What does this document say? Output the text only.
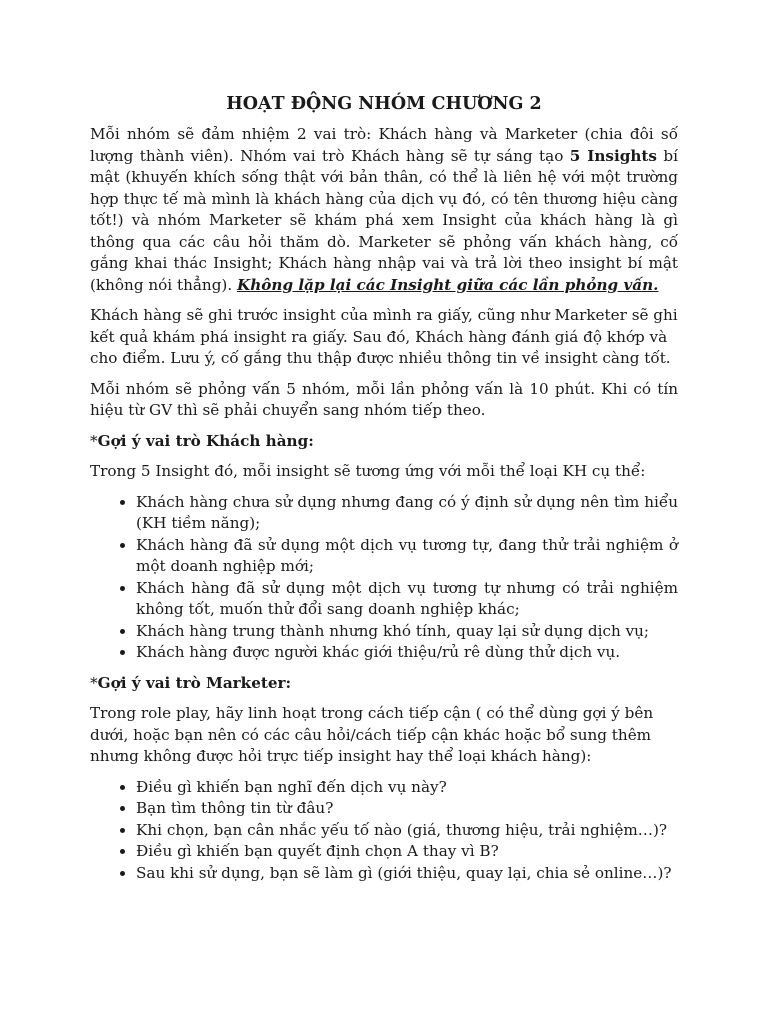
HOẠT ĐỘNG NHÓM CHƯƠNG 2

Mỗi nhóm sẽ đảm nhiệm 2 vai trò: Khách hàng và Marketer (chia đôi số lượng thành viên). Nhóm vai trò Khách hàng sẽ tự sáng tạo 5 Insights bí mật (khuyến khích sống thật với bản thân, có thể là liên hệ với một trường hợp thực tế mà mình là khách hàng của dịch vụ đó, có tên thương hiệu càng tốt!) và nhóm Marketer sẽ khám phá xem Insight của khách hàng là gì thông qua các câu hỏi thăm dò. Marketer sẽ phỏng vấn khách hàng, cố gắng khai thác Insight; Khách hàng nhập vai và trả lời theo insight bí mật (không nói thẳng). Không lặp lại các Insight giữa các lần phỏng vấn.

Khách hàng sẽ ghi trước insight của mình ra giấy, cũng như Marketer sẽ ghi kết quả khám phá insight ra giấy. Sau đó, Khách hàng đánh giá độ khớp và cho điểm. Lưu ý, cố gắng thu thập được nhiều thông tin về insight càng tốt.

Mỗi nhóm sẽ phỏng vấn 5 nhóm, mỗi lần phỏng vấn là 10 phút. Khi có tín hiệu từ GV thì sẽ phải chuyển sang nhóm tiếp theo.

*Gợi ý vai trò Khách hàng:

Trong 5 Insight đó, mỗi insight sẽ tương ứng với mỗi thể loại KH cụ thể:

• Khách hàng chưa sử dụng nhưng đang có ý định sử dụng nên tìm hiểu (KH tiềm năng);
• Khách hàng đã sử dụng một dịch vụ tương tự, đang thử trải nghiệm ở một doanh nghiệp mới;
• Khách hàng đã sử dụng một dịch vụ tương tự nhưng có trải nghiệm không tốt, muốn thử đổi sang doanh nghiệp khác;
• Khách hàng trung thành nhưng khó tính, quay lại sử dụng dịch vụ;
• Khách hàng được người khác giới thiệu/rủ rê dùng thử dịch vụ.

*Gợi ý vai trò Marketer:

Trong role play, hãy linh hoạt trong cách tiếp cận ( có thể dùng gợi ý bên dưới, hoặc bạn nên có các câu hỏi/cách tiếp cận khác hoặc bổ sung thêm nhưng không được hỏi trực tiếp insight hay thể loại khách hàng):

• Điều gì khiến bạn nghĩ đến dịch vụ này?
• Bạn tìm thông tin từ đâu?
• Khi chọn, bạn cân nhắc yếu tố nào (giá, thương hiệu, trải nghiệm…)?
• Điều gì khiến bạn quyết định chọn A thay vì B?
• Sau khi sử dụng, bạn sẽ làm gì (giới thiệu, quay lại, chia sẻ online…)?
